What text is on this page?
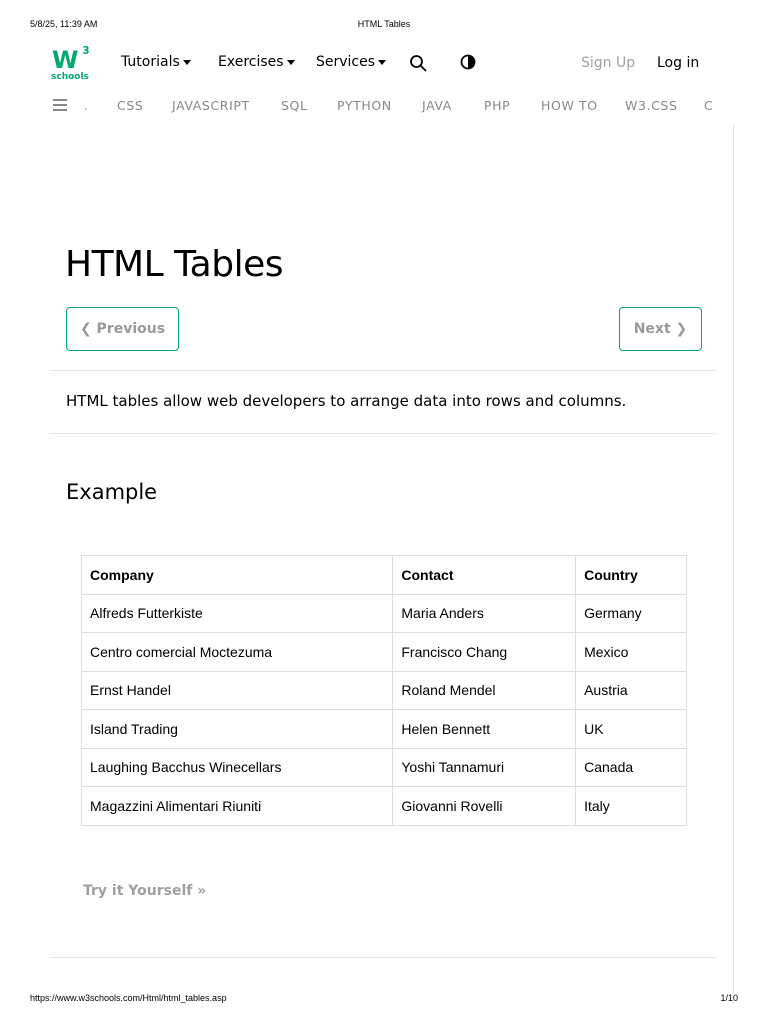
5/8/25, 11:39 AM	HTML Tables
W 3
schools
Tutorials	Exercises Services	Sign Up Log in
. CSS JAVASCRIPT	SQL PYTHON JAVA	PHP HOW TO W3.CSS C
HTML Tables
❮ Previous	Next ❯

HTML tables allow web developers to arrange data into rows and columns.

Example
Company	Contact	Country
Alfreds Futterkiste	Maria Anders	Germany
Centro comercial Moctezuma	Francisco Chang	Mexico
Ernst Handel	Roland Mendel	Austria
Island Trading	Helen Bennett	UK
Laughing Bacchus Winecellars	Yoshi Tannamuri	Canada
Magazzini Alimentari Riuniti	Giovanni Rovelli	Italy
Try it Yourself »
https://www.w3schools.com/Html/html_tables.asp	1/10
